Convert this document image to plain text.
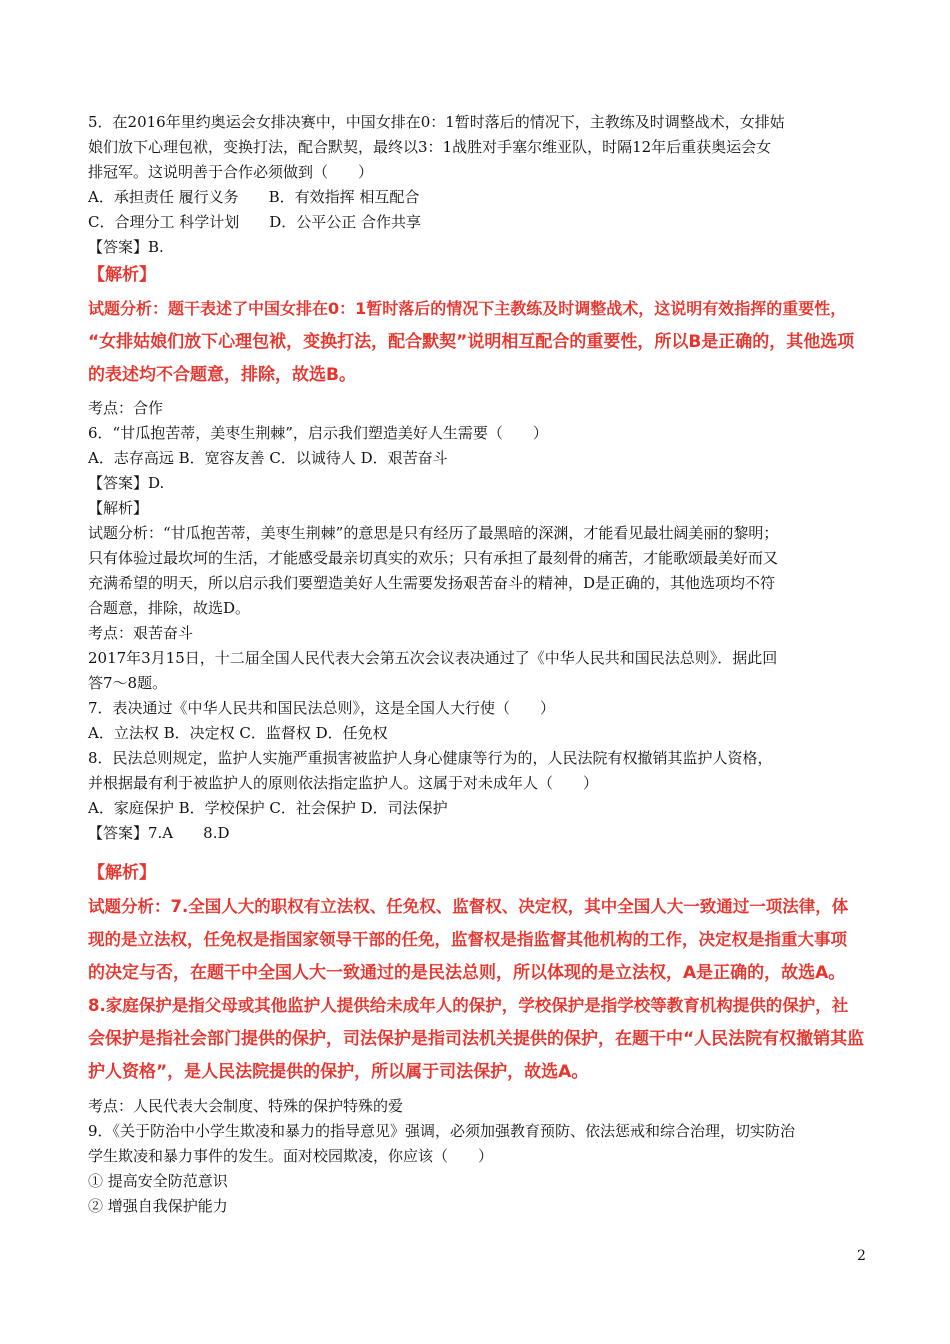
5．在2016年里约奥运会女排决赛中，中国女排在0：1暂时落后的情况下，主教练及时调整战术，女排姑
娘们放下心理包袱，变换打法，配合默契，最终以3：1战胜对手塞尔维亚队，时隔12年后重获奥运会女
排冠军。这说明善于合作必须做到（　　）
A．承担责任 履行义务　　B．有效指挥 相互配合
C．合理分工 科学计划　　D．公平公正 合作共享
【答案】B.
【解析】
试题分析：题干表述了中国女排在0：1暂时落后的情况下主教练及时调整战术，这说明有效指挥的重要性，
“女排姑娘们放下心理包袱，变换打法，配合默契”说明相互配合的重要性，所以B是正确的，其他选项
的表述均不合题意，排除，故选B。
考点：合作
6．“甘瓜抱苦蒂，美枣生荆棘”，启示我们塑造美好人生需要（　　）
A．志存高远 B．宽容友善 C．以诚待人 D．艰苦奋斗
【答案】D.
【解析】
试题分析：“甘瓜抱苦蒂，美枣生荆棘”的意思是只有经历了最黑暗的深渊，才能看见最壮阔美丽的黎明；
只有体验过最坎坷的生活，才能感受最亲切真实的欢乐；只有承担了最刻骨的痛苦，才能歌颂最美好而又
充满希望的明天，所以启示我们要塑造美好人生需要发扬艰苦奋斗的精神，D是正确的，其他选项均不符
合题意，排除，故选D。
考点：艰苦奋斗
2017年3月15日，十二届全国人民代表大会第五次会议表决通过了《中华人民共和国民法总则》．据此回
答7～8题。
7．表决通过《中华人民共和国民法总则》，这是全国人大行使（　　）
A．立法权 B．决定权 C．监督权 D．任免权
8．民法总则规定，监护人实施严重损害被监护人身心健康等行为的，人民法院有权撤销其监护人资格，
并根据最有利于被监护人的原则依法指定监护人。这属于对未成年人（　　）
A．家庭保护 B．学校保护 C．社会保护 D．司法保护
【答案】7.A　　8.D
【解析】
试题分析：7.全国人大的职权有立法权、任免权、监督权、决定权，其中全国人大一致通过一项法律，体
现的是立法权，任免权是指国家领导干部的任免，监督权是指监督其他机构的工作，决定权是指重大事项
的决定与否，在题干中全国人大一致通过的是民法总则，所以体现的是立法权，A是正确的，故选A。
8.家庭保护是指父母或其他监护人提供给未成年人的保护，学校保护是指学校等教育机构提供的保护，社
会保护是指社会部门提供的保护，司法保护是指司法机关提供的保护，在题干中“人民法院有权撤销其监
护人资格”，是人民法院提供的保护，所以属于司法保护，故选A。
考点：人民代表大会制度、特殊的保护特殊的爱
9．《关于防治中小学生欺凌和暴力的指导意见》强调，必须加强教育预防、依法惩戒和综合治理，切实防治
学生欺凌和暴力事件的发生。面对校园欺凌，你应该（　　）
① 提高安全防范意识
② 增强自我保护能力
2
